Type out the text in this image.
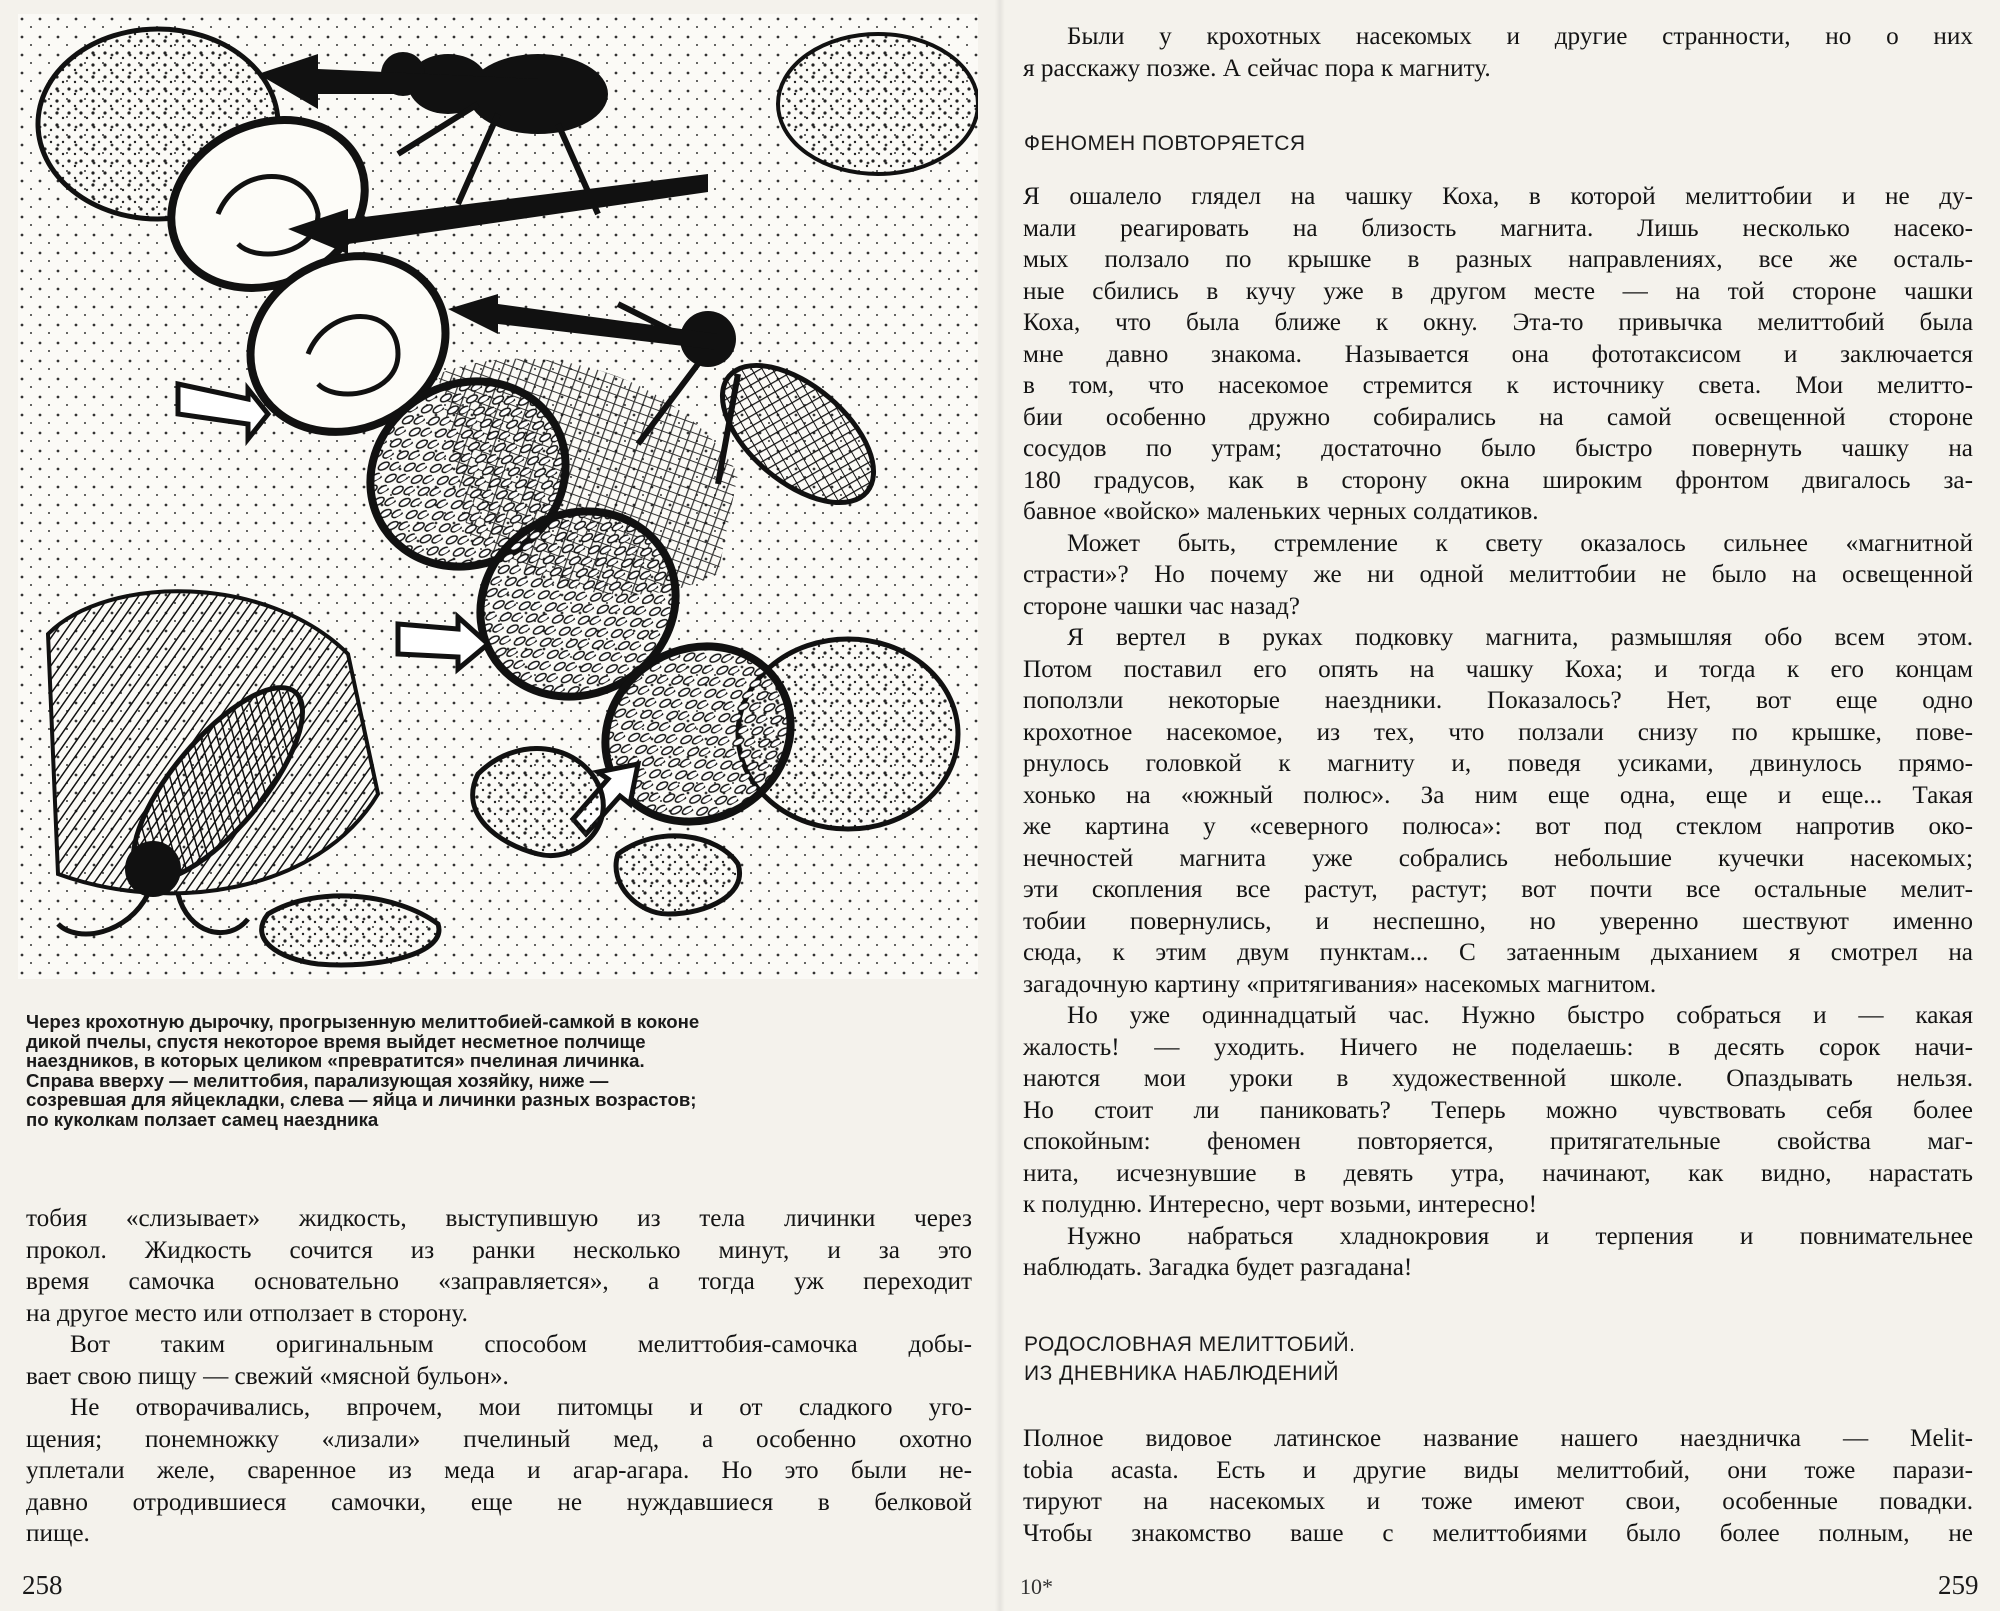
Через крохотную дырочку, прогрызенную мелиттобией-самкой в коконе
дикой пчелы, спустя некоторое время выйдет несметное полчище
наездников, в которых целиком «превратится» пчелиная личинка.
Справа вверху — мелиттобия, парализующая хозяйку, ниже —
созревшая для яйцекладки, слева — яйца и личинки разных возрастов;
по куколкам ползает самец наездника
тобия «слизывает» жидкость, выступившую из тела личинки через
прокол. Жидкость сочится из ранки несколько минут, и за это
время самочка основательно «заправляется», а тогда уж переходит
на другое место или отползает в сторону.
Вот таким оригинальным способом мелиттобия-самочка добы-
вает свою пищу — свежий «мясной бульон».
Не отворачивались, впрочем, мои питомцы и от сладкого уго-
щения; понемножку «лизали» пчелиный мед, а особенно охотно
уплетали желе, сваренное из меда и агар-агара. Но это были не-
давно отродившиеся самочки, еще не нуждавшиеся в белковой
пище.
258
Были у крохотных насекомых и другие странности, но о них
я расскажу позже. А сейчас пора к магниту.
ФЕНОМЕН ПОВТОРЯЕТСЯ
Я ошалело глядел на чашку Коха, в которой мелиттобии и не ду-
мали реагировать на близость магнита. Лишь несколько насеко-
мых ползало по крышке в разных направлениях, все же осталь-
ные сбились в кучу уже в другом месте — на той стороне чашки
Коха, что была ближе к окну. Эта-то привычка мелиттобий была
мне давно знакома. Называется она фототаксисом и заключается
в том, что насекомое стремится к источнику света. Мои мелитто-
бии особенно дружно собирались на самой освещенной стороне
сосудов по утрам; достаточно было быстро повернуть чашку на
180 градусов, как в сторону окна широким фронтом двигалось за-
бавное «войско» маленьких черных солдатиков.
Может быть, стремление к свету оказалось сильнее «магнитной
страсти»? Но почему же ни одной мелиттобии не было на освещенной
стороне чашки час назад?
Я вертел в руках подковку магнита, размышляя обо всем этом.
Потом поставил его опять на чашку Коха; и тогда к его концам
поползли некоторые наездники. Показалось? Нет, вот еще одно
крохотное насекомое, из тех, что ползали снизу по крышке, пове-
рнулось головкой к магниту и, поведя усиками, двинулось прямо-
хонько на «южный полюс». За ним еще одна, еще и еще... Такая
же картина у «северного полюса»: вот под стеклом напротив око-
нечностей магнита уже собрались небольшие кучечки насекомых;
эти скопления все растут, растут; вот почти все остальные мелит-
тобии повернулись, и неспешно, но уверенно шествуют именно
сюда, к этим двум пунктам... С затаенным дыханием я смотрел на
загадочную картину «притягивания» насекомых магнитом.
Но уже одиннадцатый час. Нужно быстро собраться и — какая
жалость! — уходить. Ничего не поделаешь: в десять сорок начи-
наются мои уроки в художественной школе. Опаздывать нельзя.
Но стоит ли паниковать? Теперь можно чувствовать себя более
спокойным: феномен повторяется, притягательные свойства маг-
нита, исчезнувшие в девять утра, начинают, как видно, нарастать
к полудню. Интересно, черт возьми, интересно!
Нужно набраться хладнокровия и терпения и повнимательнее
наблюдать. Загадка будет разгадана!
РОДОСЛОВНАЯ МЕЛИТТОБИЙ.
ИЗ ДНЕВНИКА НАБЛЮДЕНИЙ
Полное видовое латинское название нашего наездничка — Melit-
tobia acasta. Есть и другие виды мелиттобий, они тоже парази-
тируют на насекомых и тоже имеют свои, особенные повадки.
Чтобы знакомство ваше с мелиттобиями было более полным, не
10*	259
